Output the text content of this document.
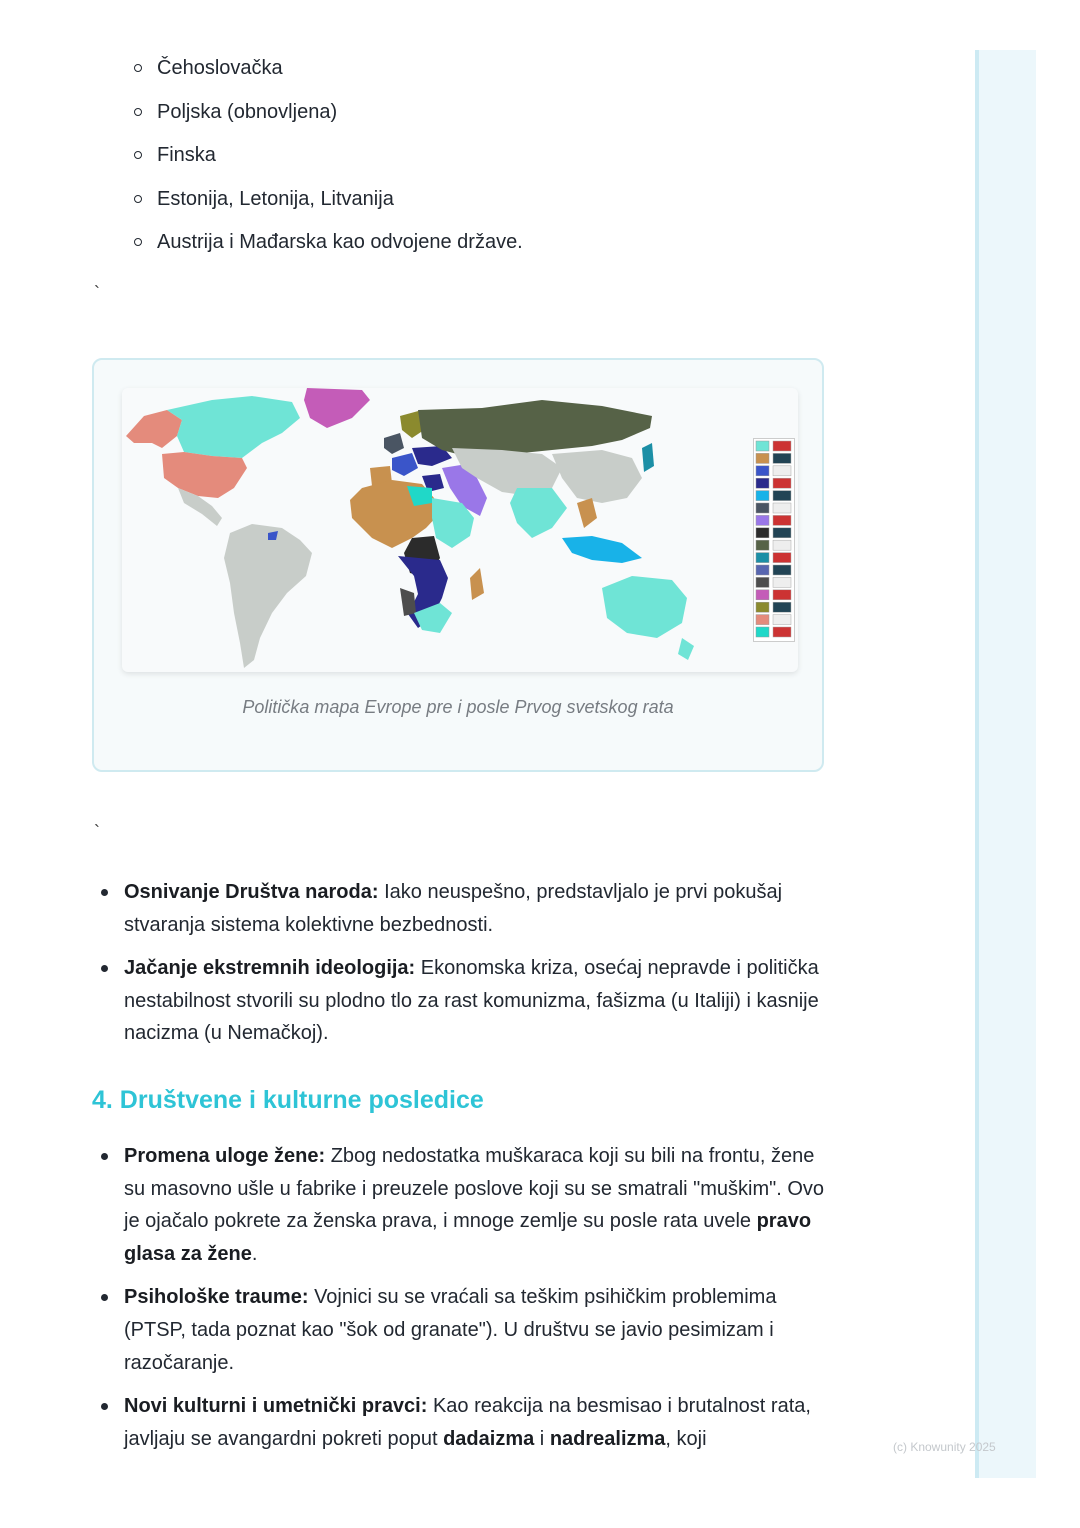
Čehoslovačka
Poljska (obnovljena)
Finska
Estonija, Letonija, Litvanija
Austrija i Mađarska kao odvojene države.
`
Politička mapa Evrope pre i posle Prvog svetskog rata
`
Osnivanje Društva naroda: Iako neuspešno, predstavljalo je prvi pokušaj stvaranja sistema kolektivne bezbednosti.
Jačanje ekstremnih ideologija: Ekonomska kriza, osećaj nepravde i politička nestabilnost stvorili su plodno tlo za rast komunizma, fašizma (u Italiji) i kasnije nacizma (u Nemačkoj).
4. Društvene i kulturne posledice
Promena uloge žene: Zbog nedostatka muškaraca koji su bili na frontu, žene su masovno ušle u fabrike i preuzele poslove koji su se smatrali "muškim". Ovo je ojačalo pokrete za ženska prava, i mnoge zemlje su posle rata uvele pravo glasa za žene.
Psihološke traume: Vojnici su se vraćali sa teškim psihičkim problemima (PTSP, tada poznat kao "šok od granate"). U društvu se javio pesimizam i razočaranje.
Novi kulturni i umetnički pravci: Kao reakcija na besmisao i brutalnost rata, javljaju se avangardni pokreti poput dadaizma i nadrealizma, koji	(c) Knowunity 2025
